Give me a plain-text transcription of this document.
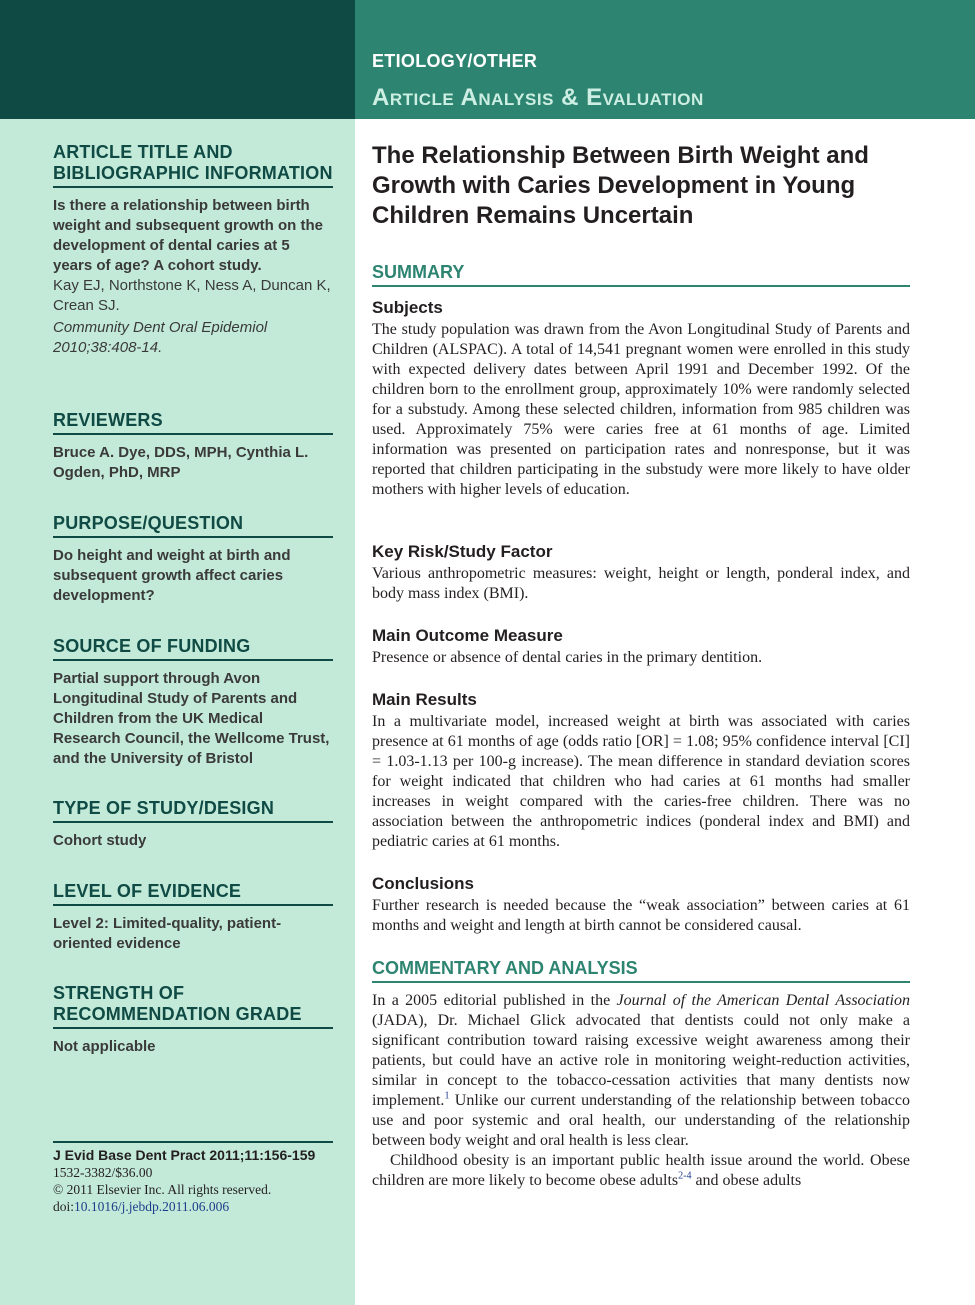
ETIOLOGY/OTHER
Article Analysis & Evaluation
ARTICLE TITLE AND BIBLIOGRAPHIC INFORMATION
Is there a relationship between birth weight and subsequent growth on the development of dental caries at 5 years of age? A cohort study.
Kay EJ, Northstone K, Ness A, Duncan K, Crean SJ.
Community Dent Oral Epidemiol 2010;38:408-14.
REVIEWERS
Bruce A. Dye, DDS, MPH, Cynthia L. Ogden, PhD, MRP
PURPOSE/QUESTION
Do height and weight at birth and subsequent growth affect caries development?
SOURCE OF FUNDING
Partial support through Avon Longitudinal Study of Parents and Children from the UK Medical Research Council, the Wellcome Trust, and the University of Bristol
TYPE OF STUDY/DESIGN
Cohort study
LEVEL OF EVIDENCE
Level 2: Limited-quality, patient-oriented evidence
STRENGTH OF RECOMMENDATION GRADE
Not applicable
J Evid Base Dent Pract 2011;11:156-159
1532-3382/$36.00
© 2011 Elsevier Inc. All rights reserved.
doi:10.1016/j.jebdp.2011.06.006
The Relationship Between Birth Weight and Growth with Caries Development in Young Children Remains Uncertain
SUMMARY
Subjects
The study population was drawn from the Avon Longitudinal Study of Parents and Children (ALSPAC). A total of 14,541 pregnant women were enrolled in this study with expected delivery dates between April 1991 and December 1992. Of the children born to the enrollment group, approximately 10% were randomly selected for a substudy. Among these selected children, information from 985 children was used. Approximately 75% were caries free at 61 months of age. Limited information was presented on participation rates and nonresponse, but it was reported that children participating in the substudy were more likely to have older mothers with higher levels of education.
Key Risk/Study Factor
Various anthropometric measures: weight, height or length, ponderal index, and body mass index (BMI).
Main Outcome Measure
Presence or absence of dental caries in the primary dentition.
Main Results
In a multivariate model, increased weight at birth was associated with caries presence at 61 months of age (odds ratio [OR] = 1.08; 95% confidence interval [CI] = 1.03-1.13 per 100-g increase). The mean difference in standard deviation scores for weight indicated that children who had caries at 61 months had smaller increases in weight compared with the caries-free children. There was no association between the anthropometric indices (ponderal index and BMI) and pediatric caries at 61 months.
Conclusions
Further research is needed because the “weak association” between caries at 61 months and weight and length at birth cannot be considered causal.
COMMENTARY AND ANALYSIS
In a 2005 editorial published in the Journal of the American Dental Association (JADA), Dr. Michael Glick advocated that dentists could not only make a significant contribution toward raising excessive weight awareness among their patients, but could have an active role in monitoring weight-reduction activities, similar in concept to the tobacco-cessation activities that many dentists now implement.$^1$ Unlike our current understanding of the relationship between tobacco use and poor systemic and oral health, our understanding of the relationship between body weight and oral health is less clear.
Childhood obesity is an important public health issue around the world. Obese children are more likely to become obese adults$^{2-4}$ and obese adults
